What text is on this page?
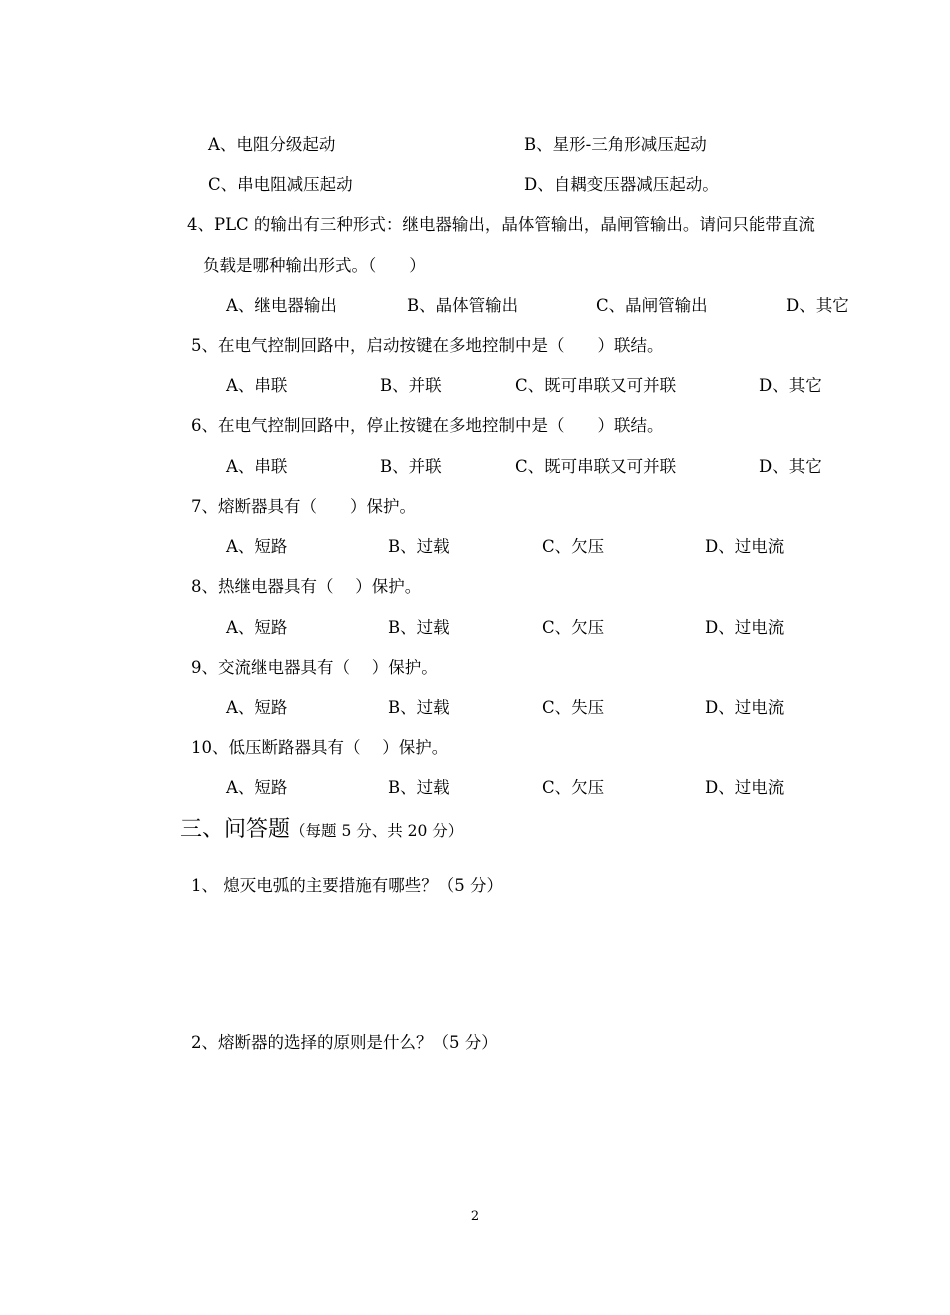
A、电阻分级起动	B、星形-三角形减压起动
C、串电阻减压起动	D、自耦变压器减压起动。
4、PLC 的输出有三种形式：继电器输出，晶体管输出，晶闸管输出。请问只能带直流
负载是哪种输出形式。（　　）
A、继电器输出	B、晶体管输出	C、晶闸管输出	D、其它
5、在电气控制回路中，启动按键在多地控制中是（　　）联结。
A、串联	B、并联	C、既可串联又可并联	D、其它
6、在电气控制回路中，停止按键在多地控制中是（　　）联结。
A、串联	B、并联	C、既可串联又可并联	D、其它
7、熔断器具有（　　）保护。
A、短路	B、过载	C、欠压	D、过电流
8、热继电器具有（　 ）保护。
A、短路	B、过载	C、欠压	D、过电流
9、交流继电器具有（　 ）保护。
A、短路	B、过载	C、失压	D、过电流
10、低压断路器具有（　 ）保护。
A、短路	B、过载	C、欠压	D、过电流
三、问答题（每题 5 分、共 20 分）
1、 熄灭电弧的主要措施有哪些？（5 分）
2、熔断器的选择的原则是什么？（5 分）
2
